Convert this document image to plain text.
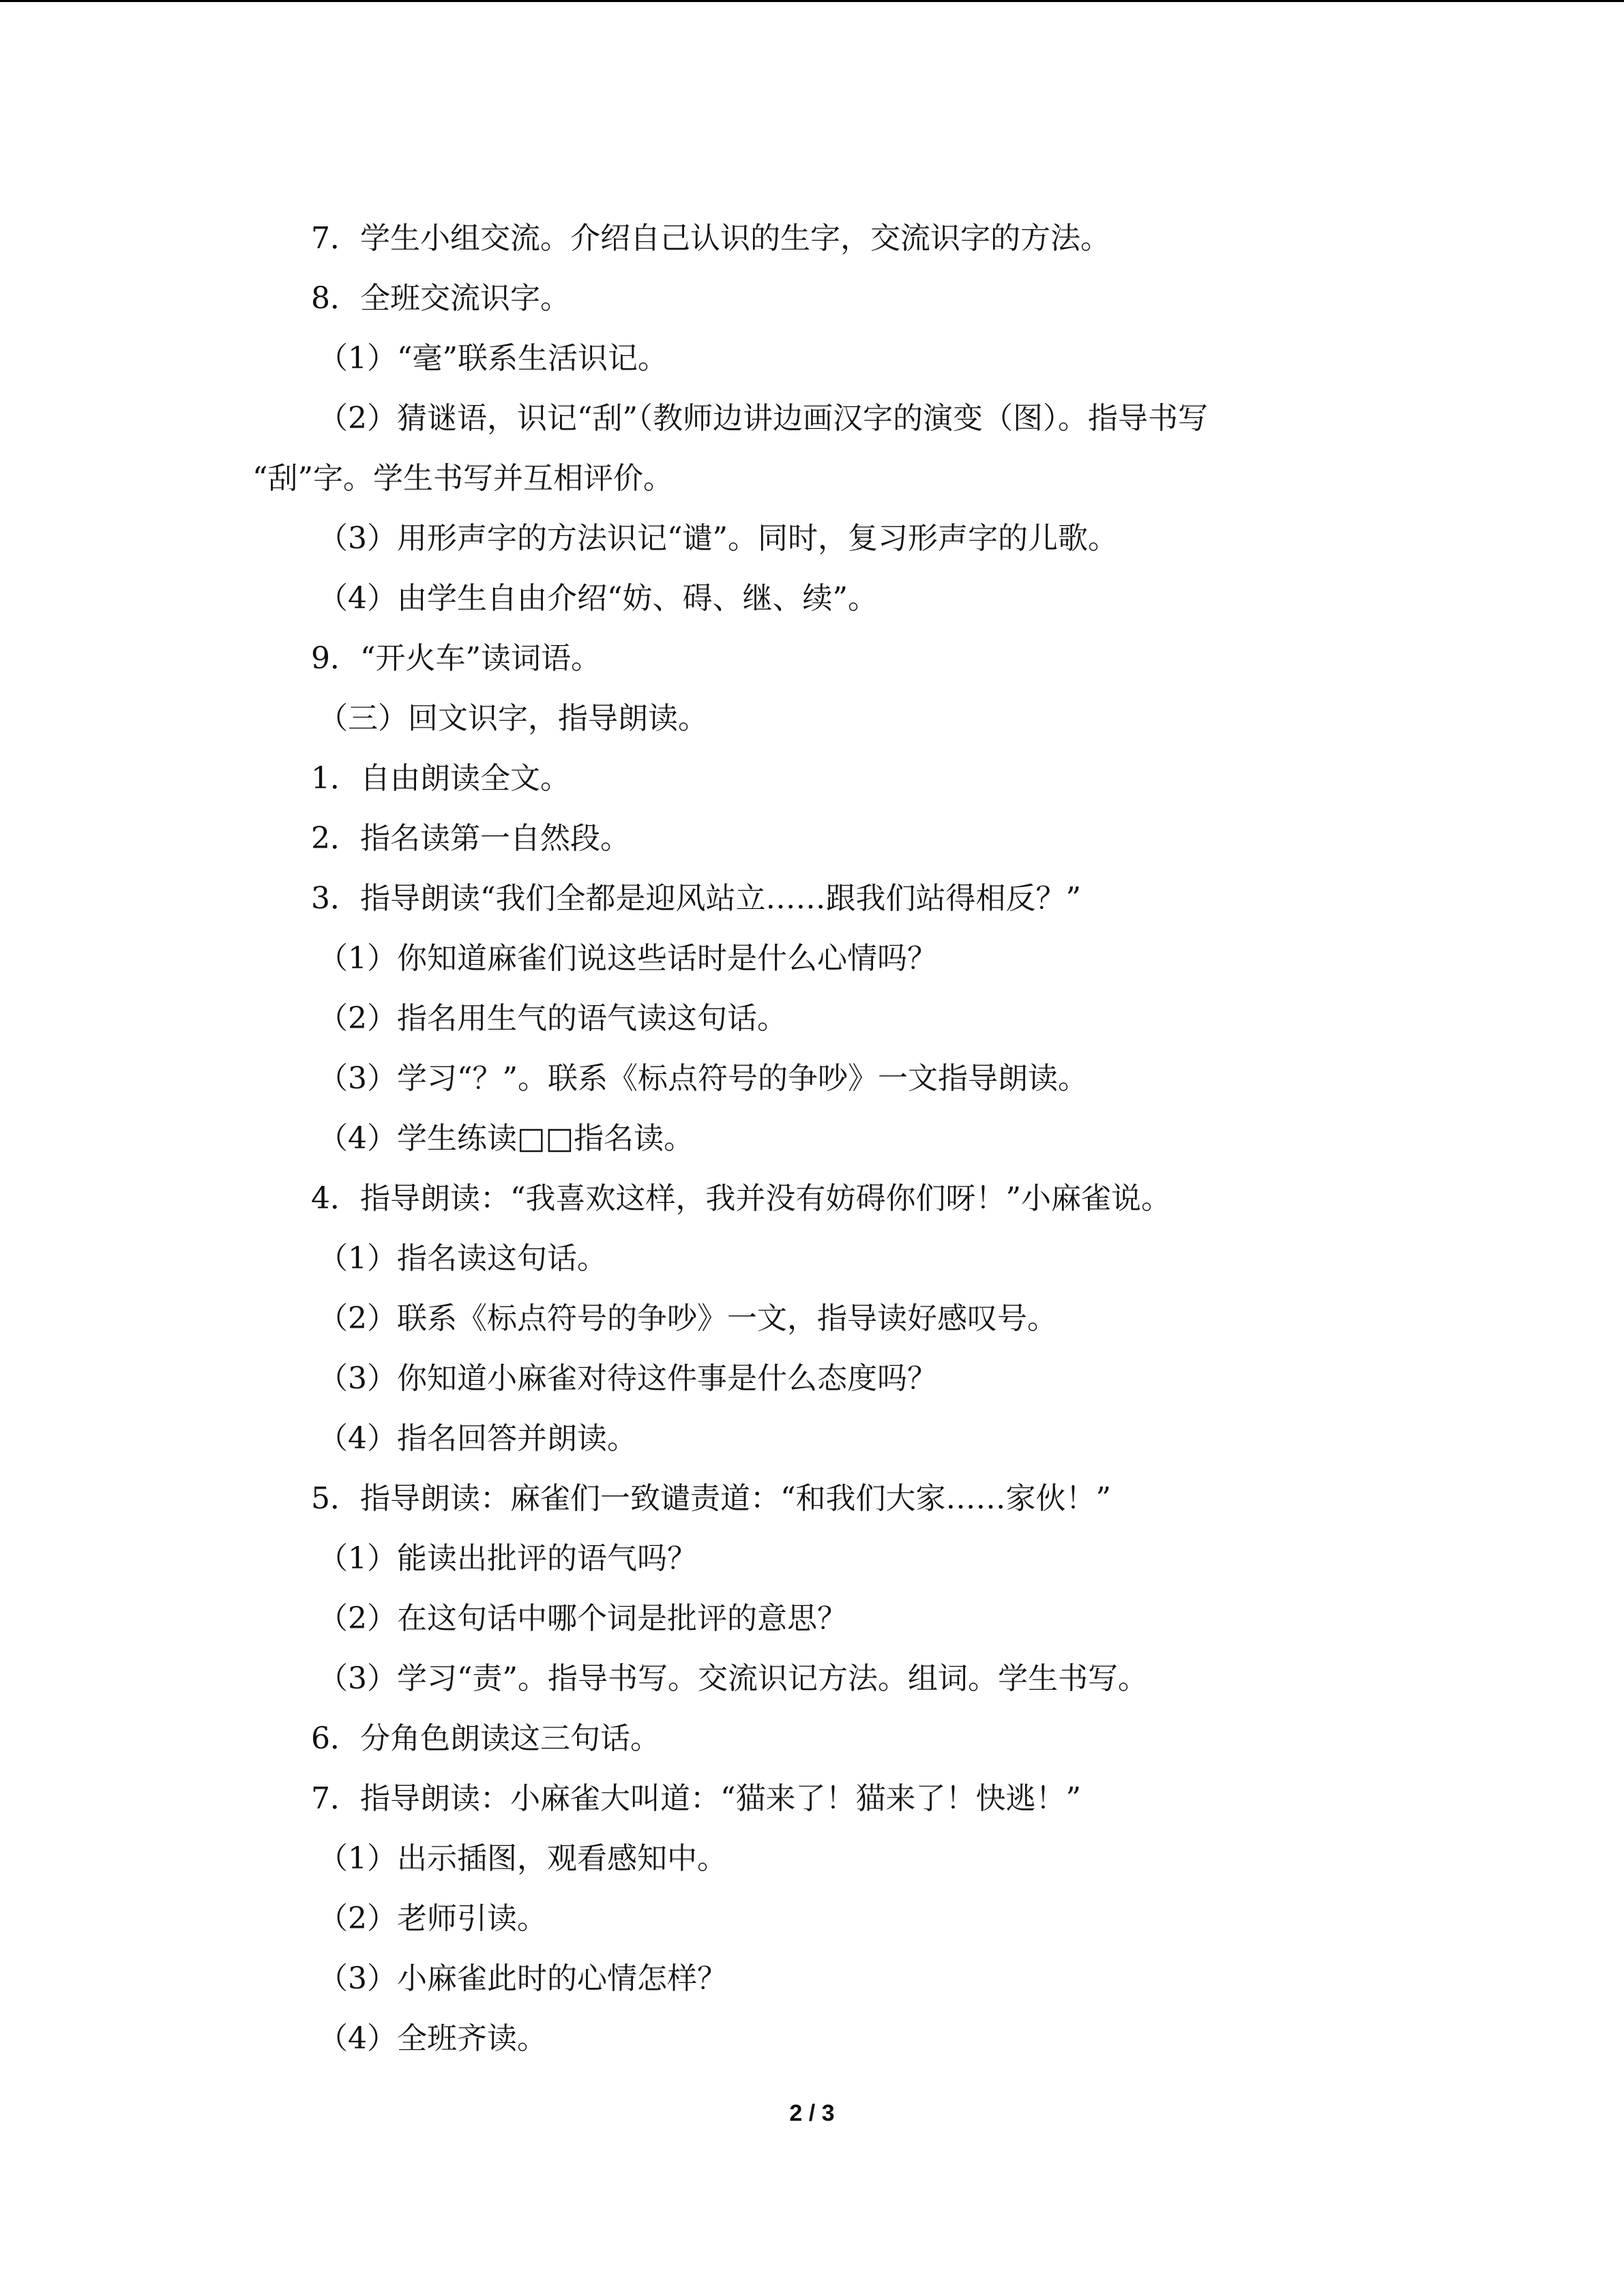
7．学生小组交流。介绍自己认识的生字，交流识字的方法。
8．全班交流识字。
（1）“毫”联系生活识记。
（2）猜谜语，识记“刮”（教师边讲边画汉字的演变（图）。指导书写
“刮”字。学生书写并互相评价。
（3）用形声字的方法识记“谴”。同时，复习形声字的儿歌。
（4）由学生自由介绍“妨、碍、继、续”。
9．“开火车”读词语。
（三）回文识字，指导朗读。
1．自由朗读全文。
2．指名读第一自然段。
3．指导朗读“我们全都是迎风站立……跟我们站得相反？”
（1）你知道麻雀们说这些话时是什么心情吗？
（2）指名用生气的语气读这句话。
（3）学习“？”。联系《标点符号的争吵》一文指导朗读。
（4）学生练读□□指名读。
4．指导朗读：“我喜欢这样，我并没有妨碍你们呀！”小麻雀说。
（1）指名读这句话。
（2）联系《标点符号的争吵》一文，指导读好感叹号。
（3）你知道小麻雀对待这件事是什么态度吗？
（4）指名回答并朗读。
5．指导朗读：麻雀们一致谴责道：“和我们大家……家伙！”
（1）能读出批评的语气吗？
（2）在这句话中哪个词是批评的意思？
（3）学习“责”。指导书写。交流识记方法。组词。学生书写。
6．分角色朗读这三句话。
7．指导朗读：小麻雀大叫道：“猫来了！猫来了！快逃！”
（1）出示插图，观看感知中。
（2）老师引读。
（3）小麻雀此时的心情怎样？
（4）全班齐读。
2 / 3
